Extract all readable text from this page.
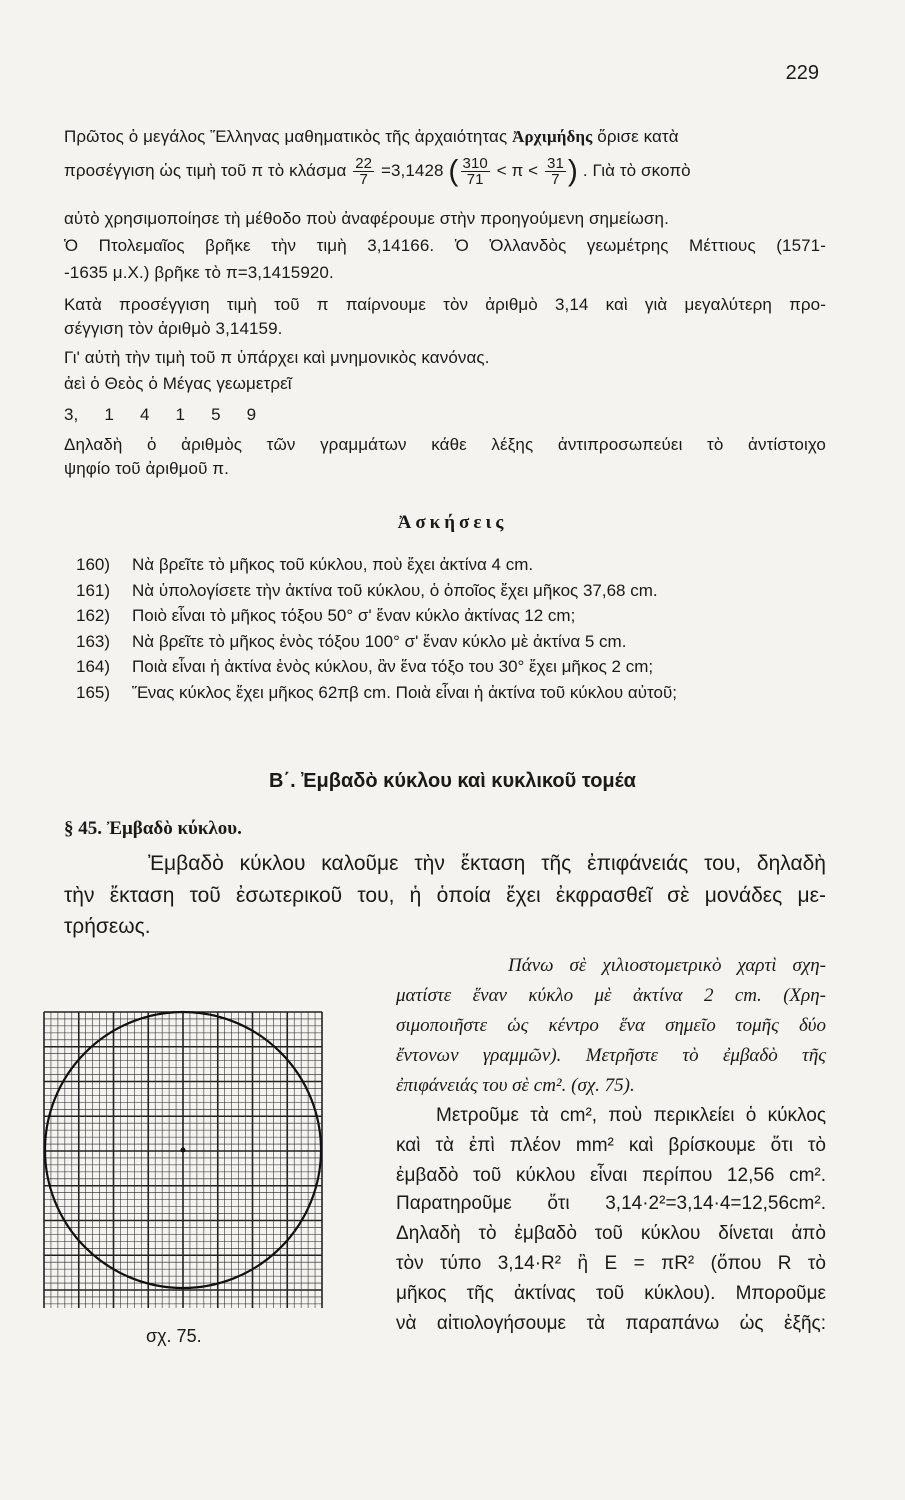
229
Πρῶτος ὁ μεγάλος Ἕλληνας μαθηματικὸς τῆς ἀρχαιότητας Ἀρχιμήδης ὅρισε κατὰ
προσέγγιση ὡς τιμὴ τοῦ π τὸ κλάσμα $\frac{22}{7} =3,1428$ ( $\frac{310}{71} < \pi < \frac{31}{7}$ ) . Γιὰ τὸ σκοπὸ
αὐτὸ χρησιμοποίησε τὴ μέθοδο ποὺ ἀναφέρουμε στὴν προηγούμενη σημείωση.
Ὁ Πτολεμαῖος βρῆκε τὴν τιμὴ 3,14166. Ὁ Ὁλλανδὸς γεωμέτρης Μέττιους (1571-
-1635 μ.Χ.) βρῆκε τὸ π=3,1415920.
Κατὰ προσέγγιση τιμὴ τοῦ π παίρνουμε τὸν ἀριθμὸ 3,14 καὶ γιὰ μεγαλύτερη προ-
σέγγιση τὸν ἀριθμὸ 3,14159.
Γι' αὐτὴ τὴν τιμὴ τοῦ π ὑπάρχει καὶ μνημονικὸς κανόνας.
ἀεὶ ὁ Θεὸς ὁ Μέγας γεωμετρεῖ
3, 1 4 1 5 9
Δηλαδὴ ὁ ἀριθμὸς τῶν γραμμάτων κάθε λέξης ἀντιπροσωπεύει τὸ ἀντίστοιχο
ψηφίο τοῦ ἀριθμοῦ π.
Ἀσκήσεις
160) Νὰ βρεῖτε τὸ μῆκος τοῦ κύκλου, ποὺ ἔχει ἀκτίνα 4 cm.
161) Νὰ ὑπολογίσετε τὴν ἀκτίνα τοῦ κύκλου, ὁ ὁποῖος ἔχει μῆκος 37,68 cm.
162) Ποιὸ εἶναι τὸ μῆκος τόξου 50° σ' ἕναν κύκλο ἀκτίνας 12 cm;
163) Νὰ βρεῖτε τὸ μῆκος ἑνὸς τόξου 100° σ' ἕναν κύκλο μὲ ἀκτίνα 5 cm.
164) Ποιὰ εἶναι ἡ ἀκτίνα ἑνὸς κύκλου, ἂν ἕνα τόξο του 30° ἔχει μῆκος 2 cm;
165) Ἕνας κύκλος ἔχει μῆκος 62πβ cm. Ποιὰ εἶναι ἡ ἀκτίνα τοῦ κύκλου αὐτοῦ;
Β΄. Ἐμβαδὸ κύκλου καὶ κυκλικοῦ τομέα
§ 45. Ἐμβαδὸ κύκλου.
Ἐμβαδὸ κύκλου καλοῦμε τὴν ἔκταση τῆς ἐπιφάνειάς του, δηλαδὴ
τὴν ἔκταση τοῦ ἐσωτερικοῦ του, ἡ ὁποία ἔχει ἐκφρασθεῖ σὲ μονάδες με-
τρήσεως.
Πάνω σὲ χιλιοστομετρικὸ χαρτὶ σχη-
ματίστε ἕναν κύκλο μὲ ἀκτίνα 2 cm. (Χρη-
σιμοποιῆστε ὡς κέντρο ἕνα σημεῖο τομῆς δύο
ἔντονων γραμμῶν). Μετρῆστε τὸ ἐμβαδὸ τῆς
ἐπιφάνειάς του σὲ cm². (σχ. 75).
Μετροῦμε τὰ cm², ποὺ περικλείει ὁ κύκλος
καὶ τὰ ἐπὶ πλέον mm² καὶ βρίσκουμε ὅτι τὸ
ἐμβαδὸ τοῦ κύκλου εἶναι περίπου 12,56 cm².
Παρατηροῦμε ὅτι 3,14·2²=3,14·4=12,56cm².
Δηλαδὴ τὸ ἐμβαδὸ τοῦ κύκλου δίνεται ἀπὸ
τὸν τύπο 3,14·R² ἢ E = πR² (ὅπου R τὸ
μῆκος τῆς ἀκτίνας τοῦ κύκλου). Μποροῦμε
νὰ αἰτιολογήσουμε τὰ παραπάνω ὡς ἑξῆς:
σχ. 75.
